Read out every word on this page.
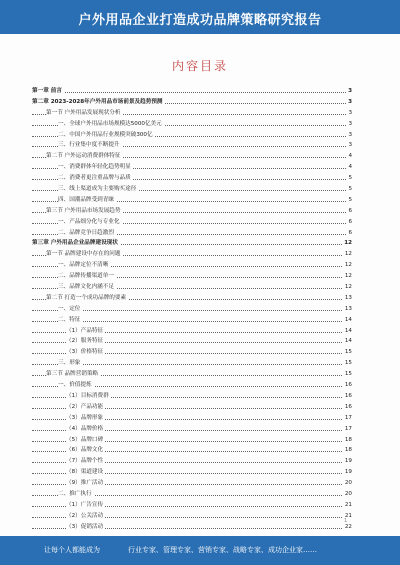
户外用品企业打造成功品牌策略研究报告
内容目录
第一章 前言	3
第二章 2023-2028年户外用品市场前景及趋势预测	3
第一节 户外用品发展现状分析	3
一、全球户外用品市场规模达5000亿美元	3
二、中国户外用品行业规模突破300亿	3
三、行业集中度不断提升	3
第二节 户外运动消费群体特征	4
一、消费群体年轻化趋势明显	4
二、消费者更注重品牌与品质	5
三、线上渠道成为主要购买途径	5
四、国潮品牌受到青睐	5
第三节 户外用品市场发展趋势	6
一、产品细分化与专业化	6
二、品牌竞争日趋激烈	6
第三章 户外用品企业品牌建设现状	12
第一节 品牌建设中存在的问题	12
一、品牌定位不清晰	12
二、品牌传播渠道单一	12
三、品牌文化内涵不足	12
第二节 打造一个成功品牌的要素	13
一、定位	13
二、特征	14
（1）产品特征	14
（2）服务特征	14
（3）价格特征	15
三、形象	15
第三节 品牌营销策略	15
一、价值提炼	16
（1）目标消费群	16
（2）产品功能	16
（3）品牌形象	17
（4）品牌价格	17
（5）品牌口碑	18
（6）品牌文化	18
（7）品牌个性	19
（8）渠道建设	19
（9）推广活动	20
二、推广执行	20
（1）广告宣传	21
（2）公关活动	21
（3）促销活动	22
1
让每个人都能成为	行业专家、管理专家、营销专家、战略专家、成功企业家……
